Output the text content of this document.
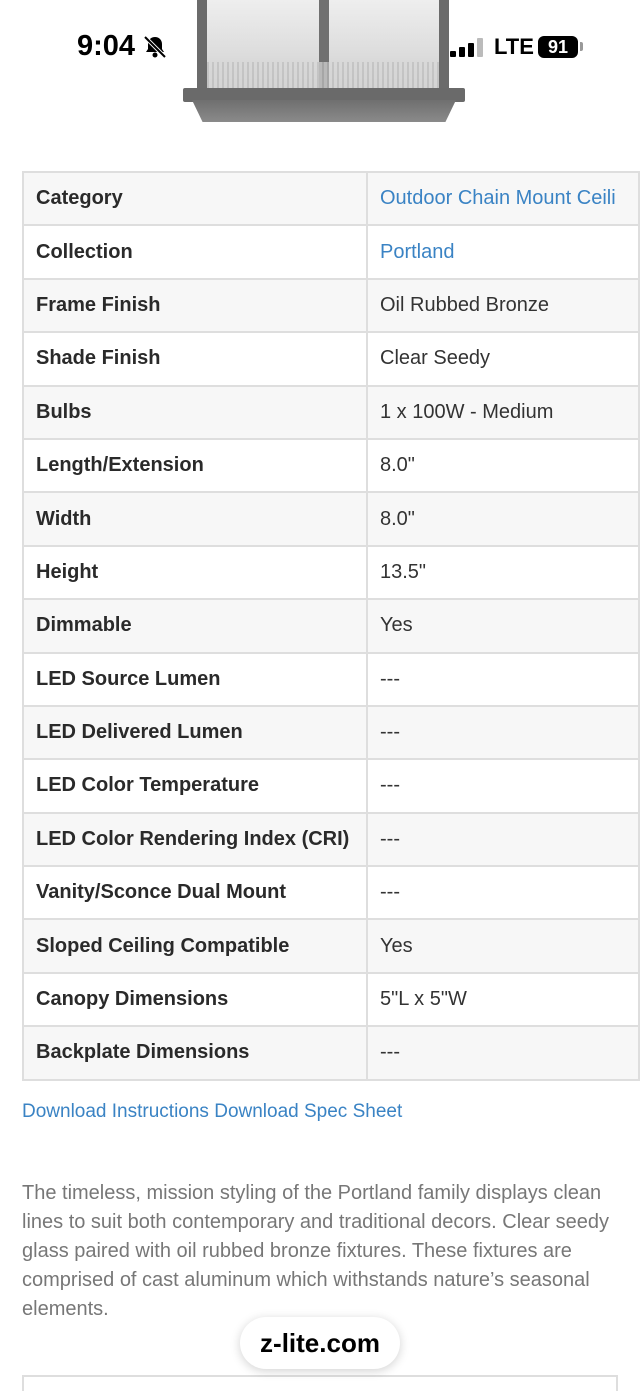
9:04	LTE 91
Category	Outdoor Chain Mount Ceili
Collection	Portland
Frame Finish	Oil Rubbed Bronze
Shade Finish	Clear Seedy
Bulbs	1 x 100W - Medium
Length/Extension	8.0"
Width	8.0"
Height	13.5"
Dimmable	Yes
LED Source Lumen	---
LED Delivered Lumen	---
LED Color Temperature	---
LED Color Rendering Index (CRI)	---
Vanity/Sconce Dual Mount	---
Sloped Ceiling Compatible	Yes
Canopy Dimensions	5"L x 5"W
Backplate Dimensions	---
Download Instructions Download Spec Sheet

The timeless, mission styling of the Portland family displays clean lines to suit both contemporary and traditional decors. Clear seedy glass paired with oil rubbed bronze fixtures. These fixtures are comprised of cast aluminum which withstands nature’s seasonal elements.

z-lite.com
